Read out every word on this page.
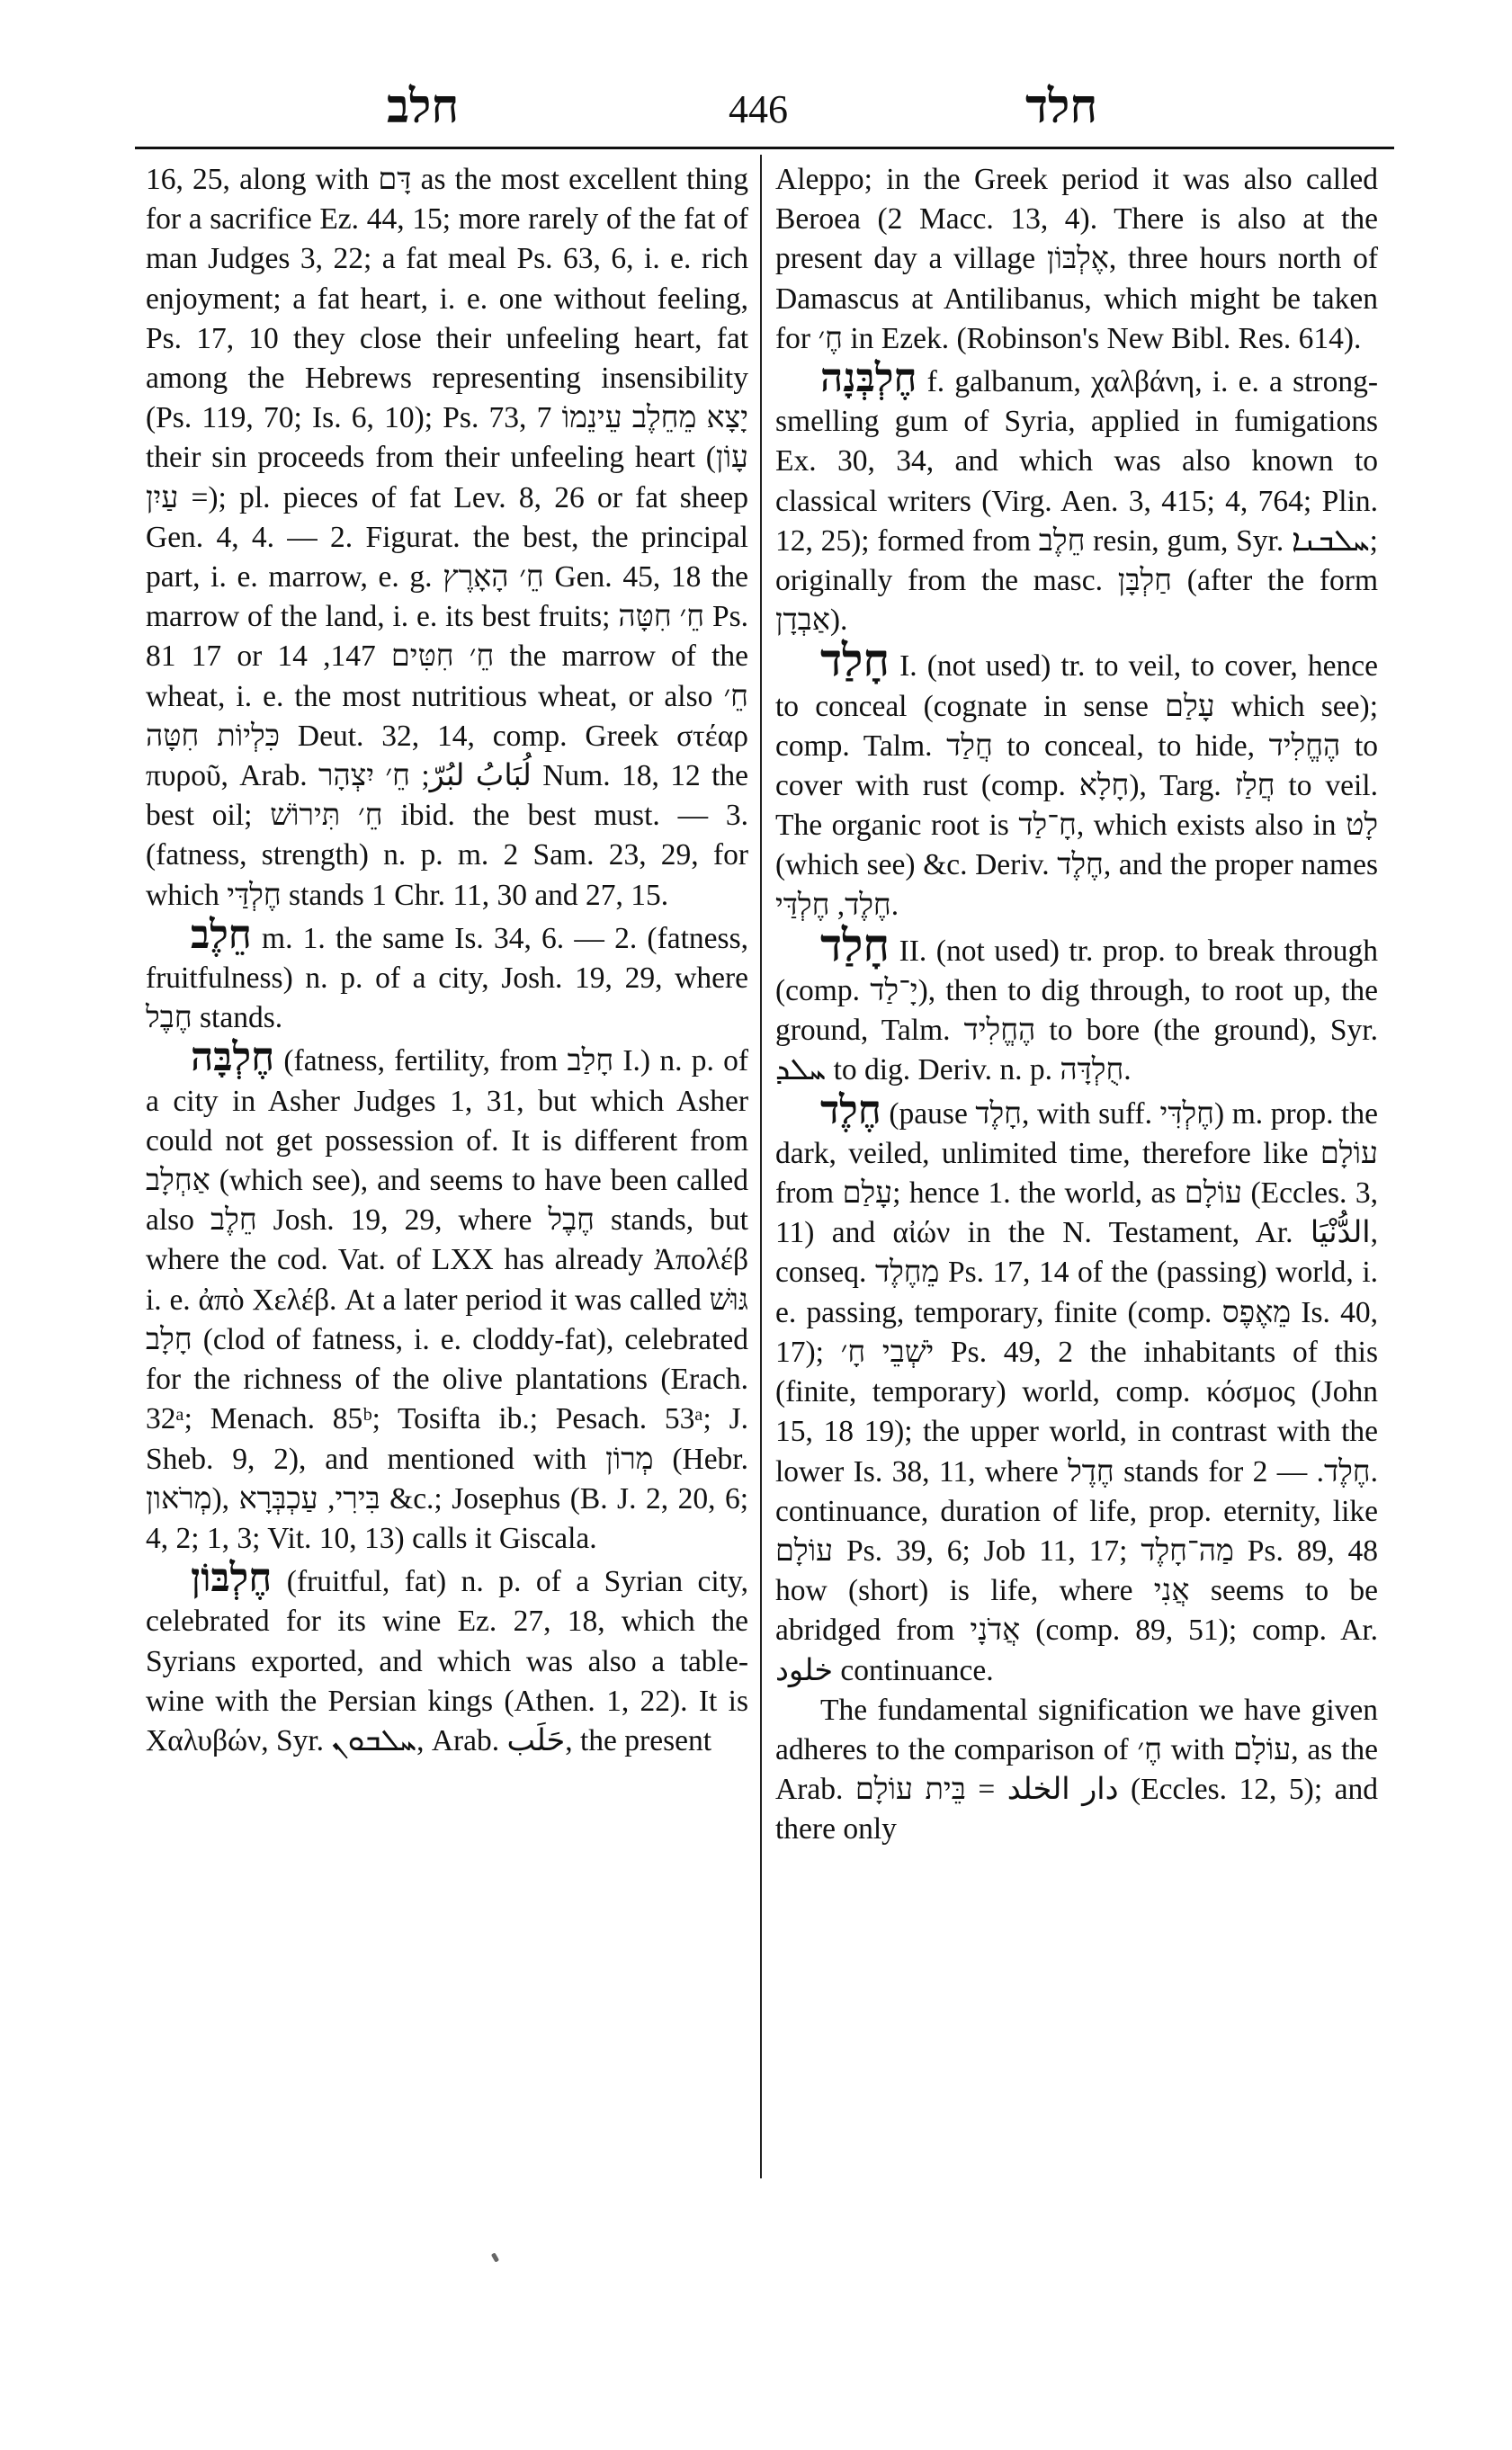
חלב	446	חלד

16, 25, along with דָּם as the most excellent thing for a sacrifice Ez. 44, 15; more rarely of the fat of man Judges 3, 22; a fat meal Ps. 63, 6, i. e. rich enjoyment; a fat heart, i. e. one without feeling, Ps. 17, 10 they close their unfeeling heart, fat among the Hebrews representing insensibility (Ps. 119, 70; Is. 6, 10); Ps. 73, 7 יָצָא מֵחֵלֶב עֵינֵמוֹ their sin proceeds from their unfeeling heart (עָוֹן = עַיִן); pl. pieces of fat Lev. 8, 26 or fat sheep Gen. 4, 4. — 2. Figurat. the best, the principal part, i. e. marrow, e. g. חֵ׳ הָאָרֶץ Gen. 45, 18 the marrow of the land, i. e. its best fruits; חֵ׳ חִטָּה Ps. 81 17 or חֵ׳ חִטִּים 147, 14 the marrow of the wheat, i. e. the most nutritious wheat, or also חֵ׳ כִּלְיוֹת חִטָּה Deut. 32, 14, comp. Greek στέαρ πυροῦ, Arab. لُبَابُ لبُرّ; חֵ׳ יִצְהָר Num. 18, 12 the best oil; חֵ׳ תִּירוֹשׁ ibid. the best must. — 3. (fatness, strength) n. p. m. 2 Sam. 23, 29, for which חֶלְדַּי stands 1 Chr. 11, 30 and 27, 15.

חֵלֶב m. 1. the same Is. 34, 6. — 2. (fatness, fruitfulness) n. p. of a city, Josh. 19, 29, where חֶבֶל stands.

חֶלְבָּה (fatness, fertility, from חָלַב I.) n. p. of a city in Asher Judges 1, 31, but which Asher could not get possession of. It is different from אַחְלָב (which see), and seems to have been called also חֵלֶב Josh. 19, 29, where חֶבֶל stands, but where the cod. Vat. of LXX has already Ἀπολέβ i. e. ἀπὸ Χελέβ. At a later period it was called גּוּשׁ חָלָב (clod of fatness, i. e. cloddy-fat), celebrated for the richness of the olive plantations (Erach. 32ᵃ; Menach. 85ᵇ; Tosifta ib.; Pesach. 53ᵃ; J. Sheb. 9, 2), and mentioned with מְרוֹן (Hebr. מְרֹאון), בִּירִי, עַכְבְּרָא &c.; Josephus (B. J. 2, 20, 6; 4, 2; 1, 3; Vit. 10, 13) calls it Giscala.

חֶלְבּוֹן (fruitful, fat) n. p. of a Syrian city, celebrated for its wine Ez. 27, 18, which the Syrians exported, and which was also a table-wine with the Persian kings (Athen. 1, 22). It is Χαλυβών, Syr. ܚܠܒܘܢ, Arab. حَلَب, the present

Aleppo; in the Greek period it was also called Beroea (2 Macc. 13, 4). There is also at the present day a village אֶלְבּוֹן, three hours north of Damascus at Antilibanus, which might be taken for חֶ׳ in Ezek. (Robinson's New Bibl. Res. 614).

חֶלְבְּנָה f. galbanum, χαλβάνη, i. e. a strong-smelling gum of Syria, applied in fumigations Ex. 30, 34, and which was also known to classical writers (Virg. Aen. 3, 415; 4, 764; Plin. 12, 25); formed from חֵלֶב resin, gum, Syr. ܚܠܒܢܐ; originally from the masc. חַלְבָּן (after the form אַבְדָן).

חָלַד I. (not used) tr. to veil, to cover, hence to conceal (cognate in sense עָלַם which see); comp. Talm. חֲלַד to conceal, to hide, הֶחֱלִיד to cover with rust (comp. חָלָא), Targ. חֲלַז to veil. The organic root is חָ־לַד, which exists also in לָט (which see) &c. Deriv. חֶלֶד, and the proper names חֶלֶד, חֶלְדַּי.

חָלַד II. (not used) tr. prop. to break through (comp. יָ־לַד), then to dig through, to root up, the ground, Talm. הֶחֱלִיד to bore (the ground), Syr. ܚܠܕ to dig. Deriv. n. p. חֻלְדָּה.

חֶלֶד (pause חָלֶד, with suff. חֶלְדִּי) m. prop. the dark, veiled, unlimited time, therefore like עוֹלָם from עָלַם; hence 1. the world, as עוֹלָם (Eccles. 3, 11) and αἰών in the N. Testament, Ar. الدُّنْيَا, conseq. מֵחֶלֶד Ps. 17, 14 of the (passing) world, i. e. passing, temporary, finite (comp. מֵאֶפֶס Is. 40, 17); יֹשְׁבֵי חָ׳ Ps. 49, 2 the inhabitants of this (finite, temporary) world, comp. κόσμος (John 15, 18 19); the upper world, in contrast with the lower Is. 38, 11, where חֶדֶל stands for חֶלֶד. — 2. continuance, duration of life, prop. eternity, like עוֹלָם Ps. 39, 6; Job 11, 17; מַה־חָלֶד Ps. 89, 48 how (short) is life, where אֲנִי seems to be abridged from אֲדֹנָי (comp. 89, 51); comp. Ar. خلود continuance.

The fundamental signification we have given adheres to the comparison of חֶ׳ with עוֹלָם, as the Arab. دار الخلد = בֵּית עוֹלָם (Eccles. 12, 5); and there only
